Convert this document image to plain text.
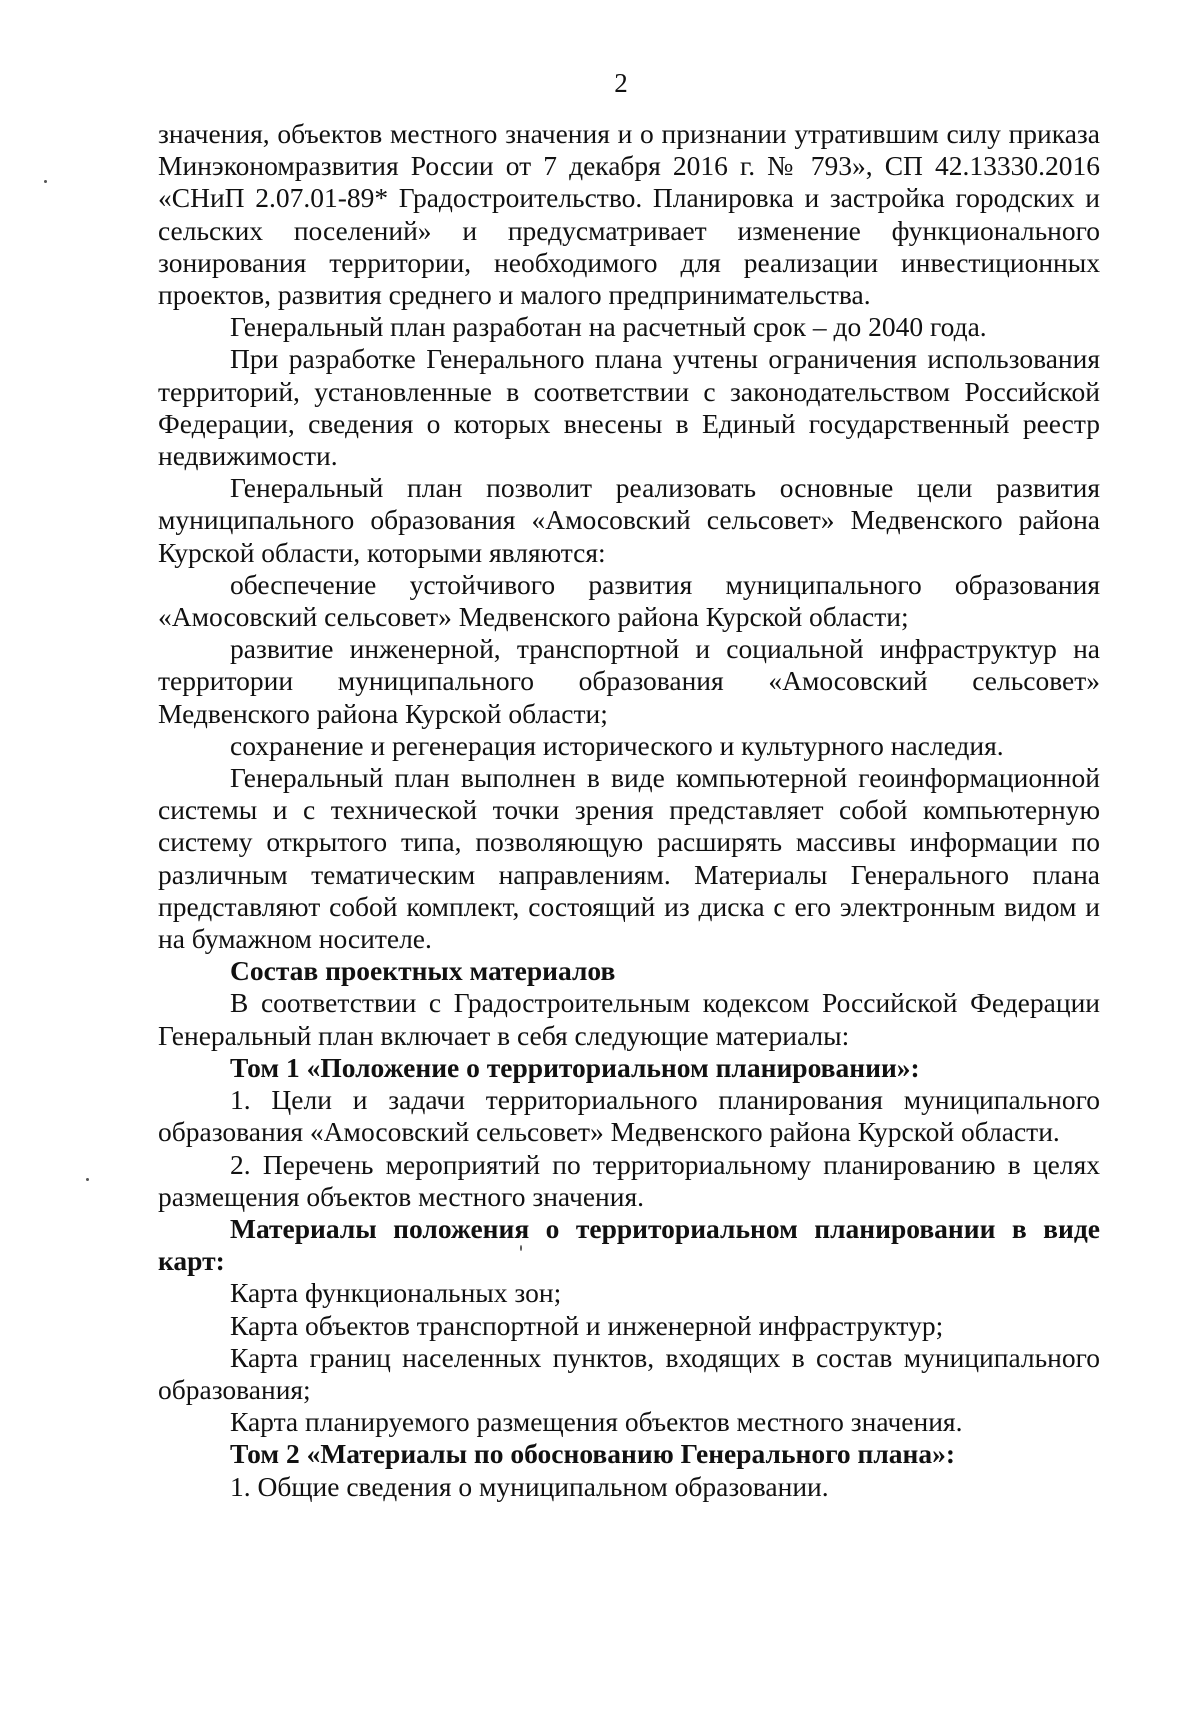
2

значения, объектов местного значения и о признании утратившим силу приказа Минэкономразвития России от 7 декабря 2016 г. № 793», СП 42.13330.2016 «СНиП 2.07.01-89* Градостроительство. Планировка и застройка городских и сельских поселений» и предусматривает изменение функционального зонирования территории, необходимого для реализации инвестиционных проектов, развития среднего и малого предпринимательства.

Генеральный план разработан на расчетный срок – до 2040 года.

При разработке Генерального плана учтены ограничения использования территорий, установленные в соответствии с законодательством Российской Федерации, сведения о которых внесены в Единый государственный реестр недвижимости.

Генеральный план позволит реализовать основные цели развития муниципального образования «Амосовский сельсовет» Медвенского района Курской области, которыми являются:

обеспечение устойчивого развития муниципального образования «Амосовский сельсовет» Медвенского района Курской области;

развитие инженерной, транспортной и социальной инфраструктур на территории муниципального образования «Амосовский сельсовет» Медвенского района Курской области;

сохранение и регенерация исторического и культурного наследия.

Генеральный план выполнен в виде компьютерной геоинформационной системы и с технической точки зрения представляет собой компьютерную систему открытого типа, позволяющую расширять массивы информации по различным тематическим направлениям. Материалы Генерального плана представляют собой комплект, состоящий из диска с его электронным видом и на бумажном носителе.

Состав проектных материалов

В соответствии с Градостроительным кодексом Российской Федерации Генеральный план включает в себя следующие материалы:

Том 1 «Положение о территориальном планировании»:

1. Цели и задачи территориального планирования муниципального образования «Амосовский сельсовет» Медвенского района Курской области.

2. Перечень мероприятий по территориальному планированию в целях размещения объектов местного значения.

Материалы положения о территориальном планировании в виде карт:

Карта функциональных зон;

Карта объектов транспортной и инженерной инфраструктур;

Карта границ населенных пунктов, входящих в состав муниципального образования;

Карта планируемого размещения объектов местного значения.

Том 2 «Материалы по обоснованию Генерального плана»:

1. Общие сведения о муниципальном образовании.
